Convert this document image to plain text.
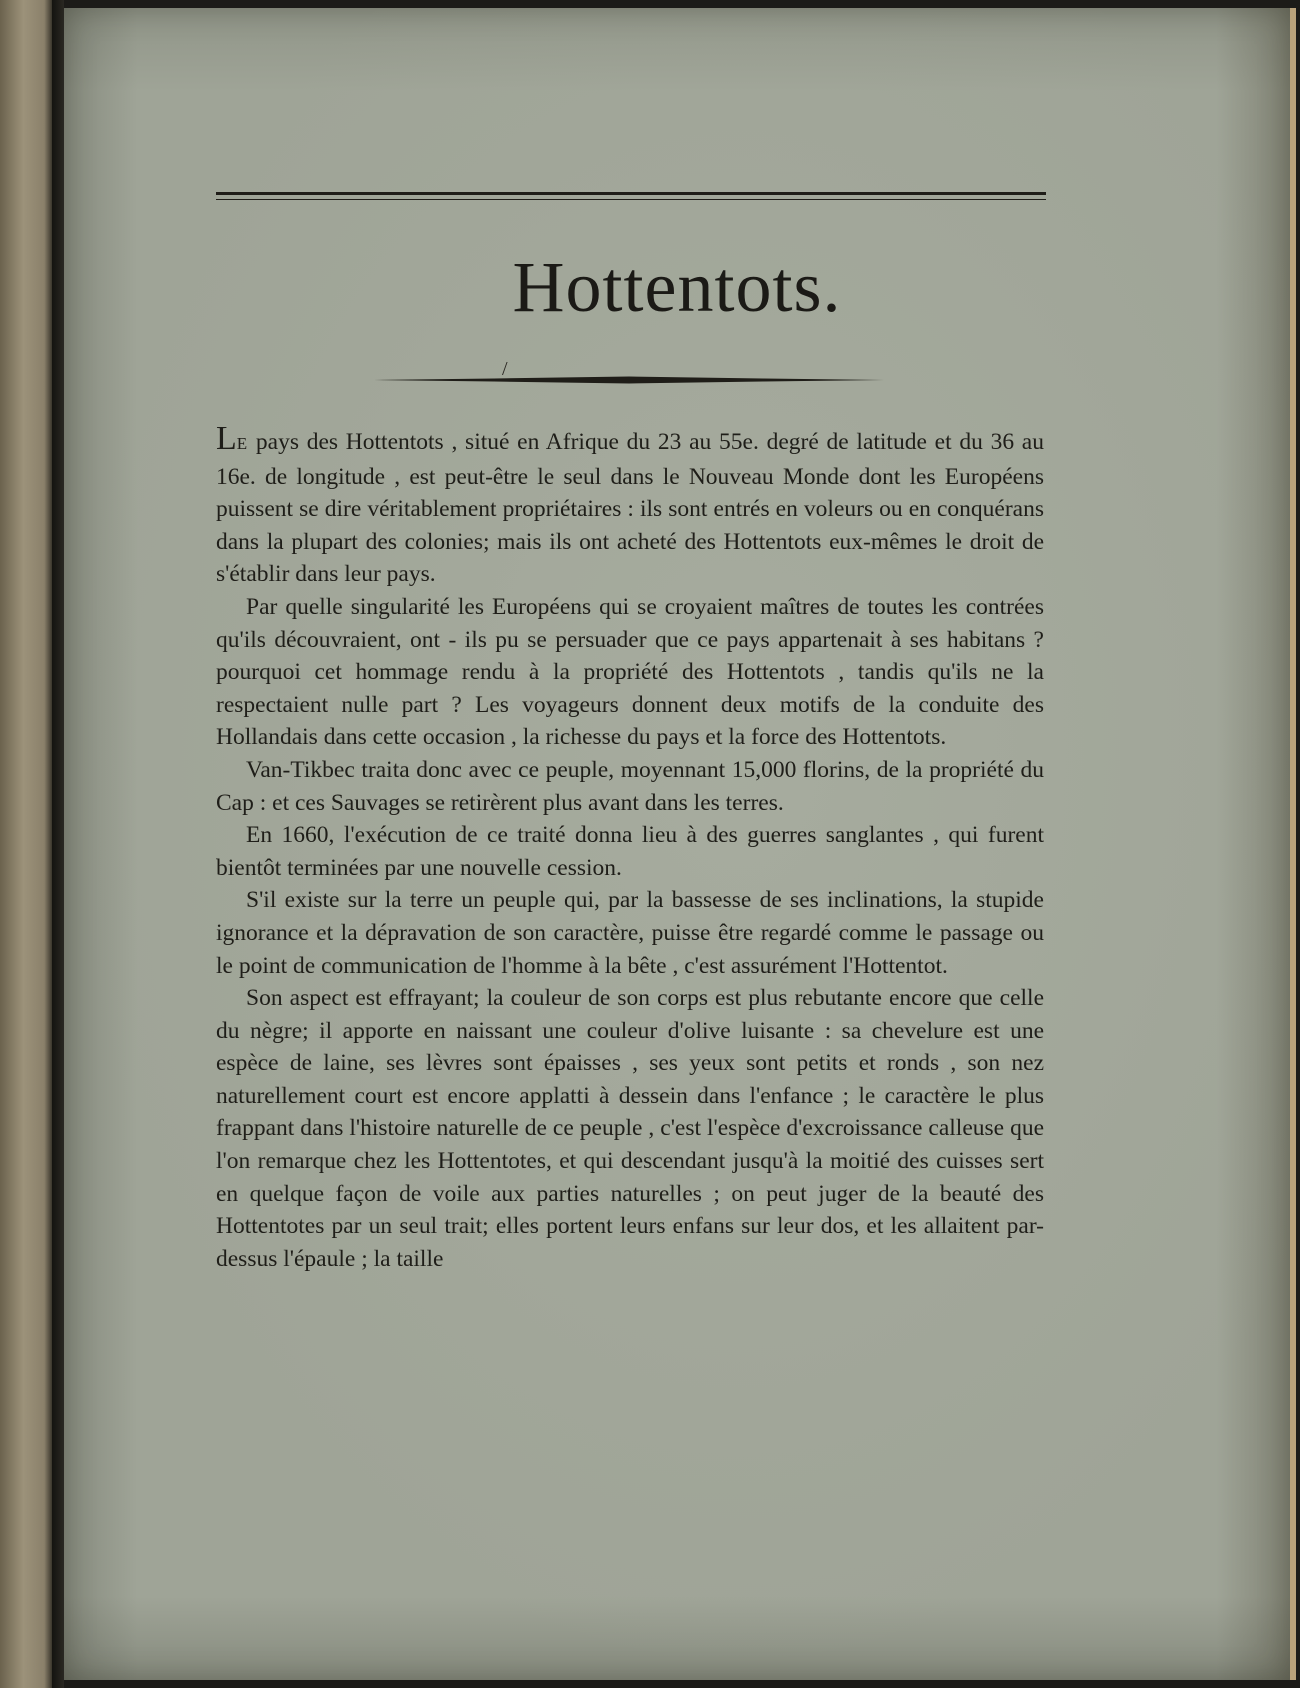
Hottentots.
/

LE pays des Hottentots , situé en Afrique du 23 au 55e. degré de latitude et du 36 au 16e. de longitude , est peut-être le seul dans le Nouveau Monde dont les Européens puissent se dire véritablement propriétaires : ils sont entrés en voleurs ou en conquérans dans la plupart des colonies; mais ils ont acheté des Hottentots eux-mêmes le droit de s'établir dans leur pays.

Par quelle singularité les Européens qui se croyaient maîtres de toutes les contrées qu'ils découvraient, ont - ils pu se persuader que ce pays appartenait à ses habitans ? pourquoi cet hommage rendu à la propriété des Hottentots , tandis qu'ils ne la respectaient nulle part ? Les voyageurs donnent deux motifs de la conduite des Hollandais dans cette occasion , la richesse du pays et la force des Hottentots.

Van-Tikbec traita donc avec ce peuple, moyennant 15,000 florins, de la propriété du Cap : et ces Sauvages se retirèrent plus avant dans les terres.

En 1660, l'exécution de ce traité donna lieu à des guerres sanglantes , qui furent bientôt terminées par une nouvelle cession.

S'il existe sur la terre un peuple qui, par la bassesse de ses inclinations, la stupide ignorance et la dépravation de son caractère, puisse être regardé comme le passage ou le point de communication de l'homme à la bête , c'est assurément l'Hottentot.

Son aspect est effrayant; la couleur de son corps est plus rebutante encore que celle du nègre; il apporte en naissant une couleur d'olive luisante : sa chevelure est une espèce de laine, ses lèvres sont épaisses , ses yeux sont petits et ronds , son nez naturellement court est encore applatti à dessein dans l'enfance ; le caractère le plus frappant dans l'histoire naturelle de ce peuple , c'est l'espèce d'excroissance calleuse que l'on remarque chez les Hottentotes, et qui descendant jusqu'à la moitié des cuisses sert en quelque façon de voile aux parties naturelles ; on peut juger de la beauté des Hottentotes par un seul trait; elles portent leurs enfans sur leur dos, et les allaitent par-dessus l'épaule ; la taille
